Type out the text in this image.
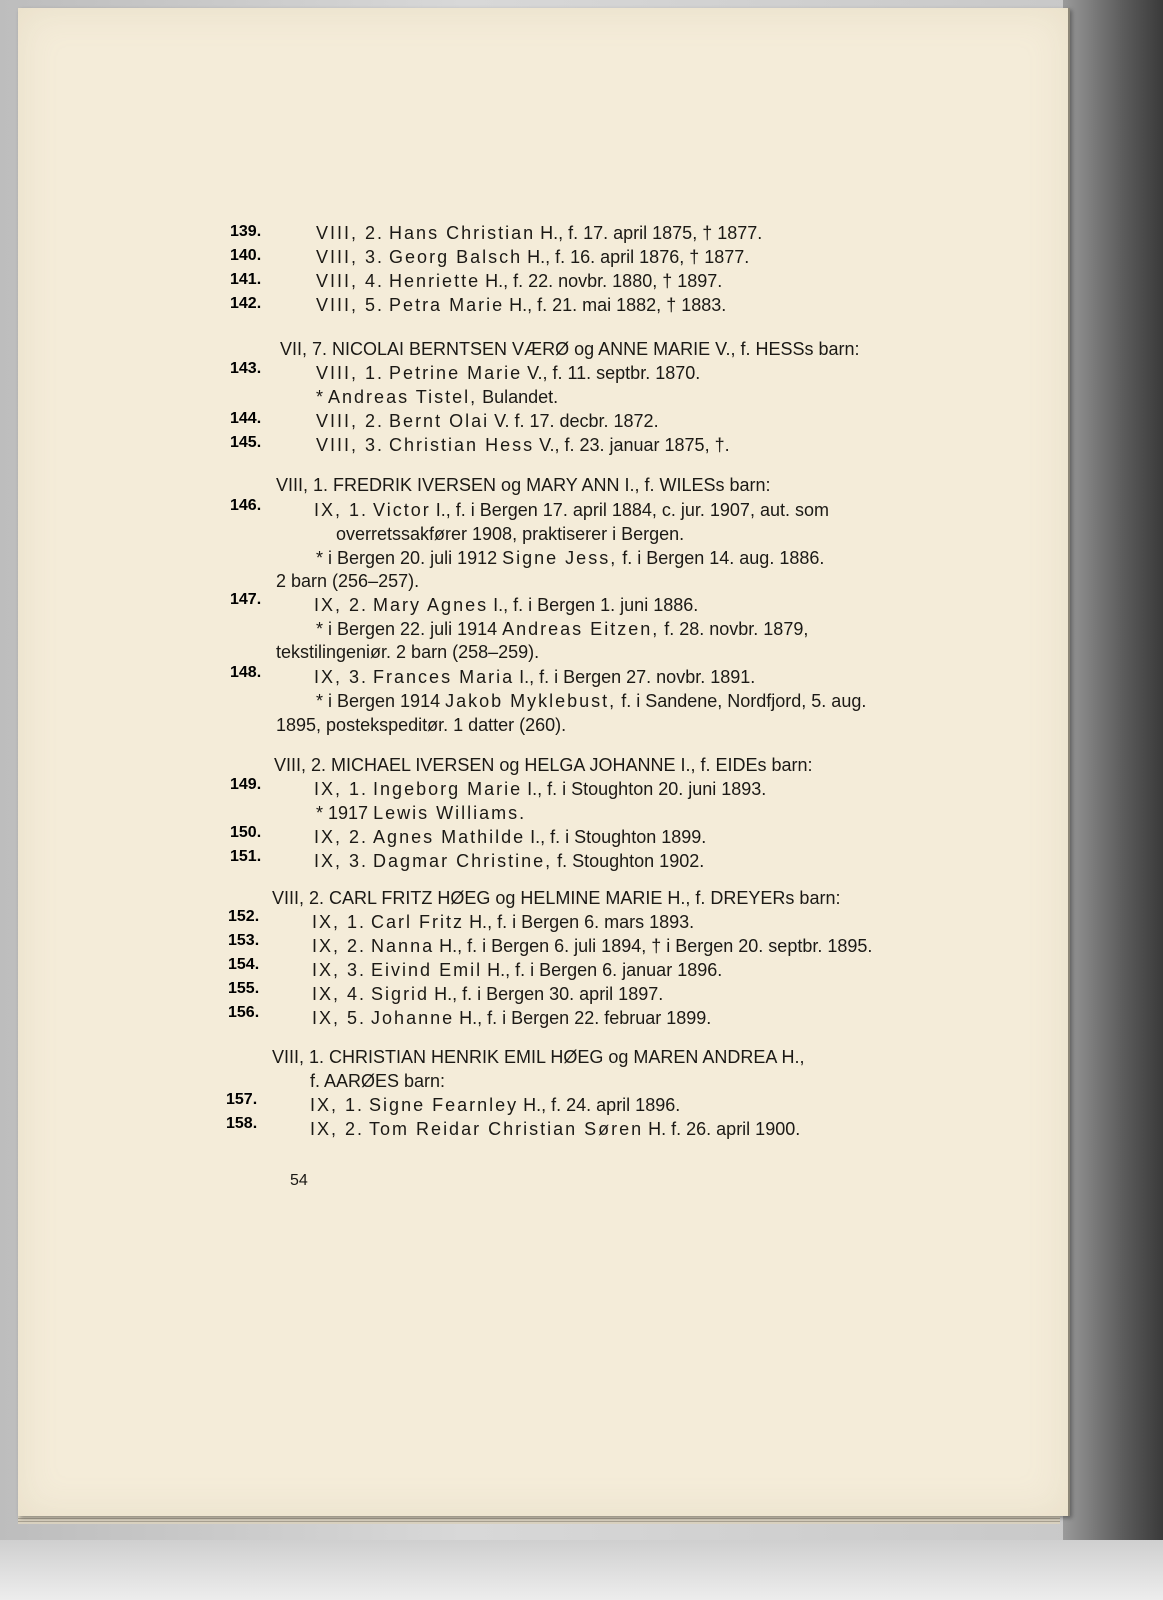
VIII, 2. Hans Christian H., f. 17. april 1875, † 1877.
139.
VIII, 3. Georg Balsch H., f. 16. april 1876, † 1877.
140.
VIII, 4. Henriette H., f. 22. novbr. 1880, † 1897.
141.
VIII, 5. Petra Marie H., f. 21. mai 1882, † 1883.
142.
VII, 7. NICOLAI BERNTSEN VÆRØ og ANNE MARIE V., f. HESSs barn:
VIII, 1. Petrine Marie V., f. 11. septbr. 1870.
143.
* Andreas Tistel, Bulandet.
VIII, 2. Bernt Olai V. f. 17. decbr. 1872.
144.
VIII, 3. Christian Hess V., f. 23. januar 1875, †.
145.
VIII, 1. FREDRIK IVERSEN og MARY ANN I., f. WILESs barn:
IX, 1. Victor I., f. i Bergen 17. april 1884, c. jur. 1907, aut. som
146.
overretssakfører 1908, praktiserer i Bergen.
* i Bergen 20. juli 1912 Signe Jess, f. i Bergen 14. aug. 1886.
2 barn (256–257).
IX, 2. Mary Agnes I., f. i Bergen 1. juni 1886.
147.
* i Bergen 22. juli 1914 Andreas Eitzen, f. 28. novbr. 1879,
tekstilingeniør. 2 barn (258–259).
IX, 3. Frances Maria I., f. i Bergen 27. novbr. 1891.
148.
* i Bergen 1914 Jakob Myklebust, f. i Sandene, Nordfjord, 5. aug.
1895, postekspeditør. 1 datter (260).
VIII, 2. MICHAEL IVERSEN og HELGA JOHANNE I., f. EIDEs barn:
IX, 1. Ingeborg Marie I., f. i Stoughton 20. juni 1893.
149.
* 1917 Lewis Williams.
IX, 2. Agnes Mathilde I., f. i Stoughton 1899.
150.
IX, 3. Dagmar Christine, f. Stoughton 1902.
151.
VIII, 2. CARL FRITZ HØEG og HELMINE MARIE H., f. DREYERs barn:
IX, 1. Carl Fritz H., f. i Bergen 6. mars 1893.
152.
IX, 2. Nanna H., f. i Bergen 6. juli 1894, † i Bergen 20. septbr. 1895.
153.
IX, 3. Eivind Emil H., f. i Bergen 6. januar 1896.
154.
IX, 4. Sigrid H., f. i Bergen 30. april 1897.
155.
IX, 5. Johanne H., f. i Bergen 22. februar 1899.
156.
VIII, 1. CHRISTIAN HENRIK EMIL HØEG og MAREN ANDREA H.,
f. AARØES barn:
IX, 1. Signe Fearnley H., f. 24. april 1896.
157.
IX, 2. Tom Reidar Christian Søren H. f. 26. april 1900.
158.
54
